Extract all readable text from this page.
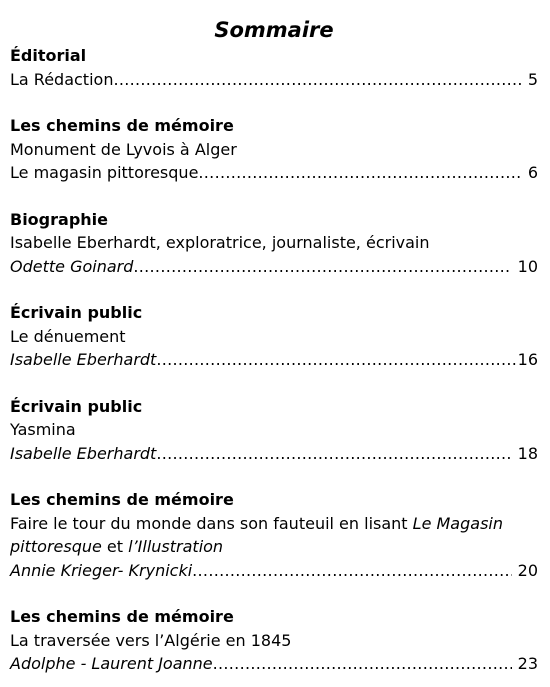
Sommaire
Éditorial
La Rédaction .....	5
Les chemins de mémoire
Monument de Lyvois à Alger
Le magasin pittoresque .....	6
Biographie
Isabelle Eberhardt, exploratrice, journaliste, écrivain
Odette Goinard .....	10
Écrivain public
Le dénuement
Isabelle Eberhardt .....	16
Écrivain public
Yasmina
Isabelle Eberhardt .....	18
Les chemins de mémoire
Faire le tour du monde dans son fauteuil en lisant Le Magasin
pittoresque et l’Illustration
Annie Krieger- Krynicki .....	20
Les chemins de mémoire
La traversée vers l’Algérie en 1845
Adolphe - Laurent Joanne .....	23
